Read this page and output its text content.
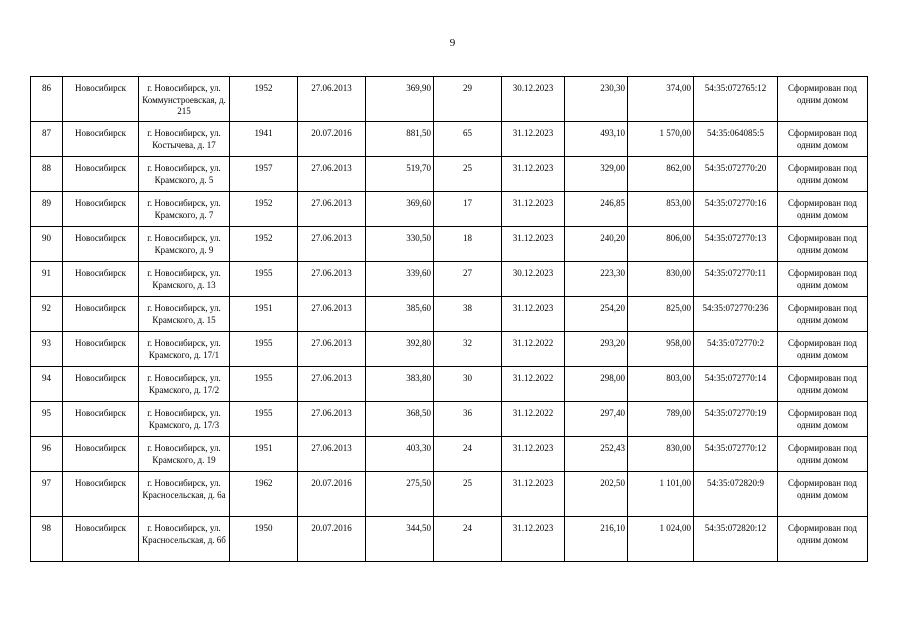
9
86	Новосибирск	г. Новосибирск, ул. Коммунстроевская, д. 215	1952	27.06.2013	369,90	29	30.12.2023	230,30	374,00	54:35:072765:12	Сформирован под одним домом
87	Новосибирск	г. Новосибирск, ул. Костычева, д. 17	1941	20.07.2016	881,50	65	31.12.2023	493,10	1 570,00	54:35:064085:5	Сформирован под одним домом
88	Новосибирск	г. Новосибирск, ул. Крамского, д. 5	1957	27.06.2013	519,70	25	31.12.2023	329,00	862,00	54:35:072770:20	Сформирован под одним домом
89	Новосибирск	г. Новосибирск, ул. Крамского, д. 7	1952	27.06.2013	369,60	17	31.12.2023	246,85	853,00	54:35:072770:16	Сформирован под одним домом
90	Новосибирск	г. Новосибирск, ул. Крамского, д. 9	1952	27.06.2013	330,50	18	31.12.2023	240,20	806,00	54:35:072770:13	Сформирован под одним домом
91	Новосибирск	г. Новосибирск, ул. Крамского, д. 13	1955	27.06.2013	339,60	27	30.12.2023	223,30	830,00	54:35:072770:11	Сформирован под одним домом
92	Новосибирск	г. Новосибирск, ул. Крамского, д. 15	1951	27.06.2013	385,60	38	31.12.2023	254,20	825,00	54:35:072770:236	Сформирован под одним домом
93	Новосибирск	г. Новосибирск, ул. Крамского, д. 17/1	1955	27.06.2013	392,80	32	31.12.2022	293,20	958,00	54:35:072770:2	Сформирован под одним домом
94	Новосибирск	г. Новосибирск, ул. Крамского, д. 17/2	1955	27.06.2013	383,80	30	31.12.2022	298,00	803,00	54:35:072770:14	Сформирован под одним домом
95	Новосибирск	г. Новосибирск, ул. Крамского, д. 17/3	1955	27.06.2013	368,50	36	31.12.2022	297,40	789,00	54:35:072770:19	Сформирован под одним домом
96	Новосибирск	г. Новосибирск, ул. Крамского, д. 19	1951	27.06.2013	403,30	24	31.12.2023	252,43	830,00	54:35:072770:12	Сформирован под одним домом
97	Новосибирск	г. Новосибирск, ул. Красносельская, д. 6а	1962	20.07.2016	275,50	25	31.12.2023	202,50	1 101,00	54:35:072820:9	Сформирован под одним домом
98	Новосибирск	г. Новосибирск, ул. Красносельская, д. 6б	1950	20.07.2016	344,50	24	31.12.2023	216,10	1 024,00	54:35:072820:12	Сформирован под одним домом
